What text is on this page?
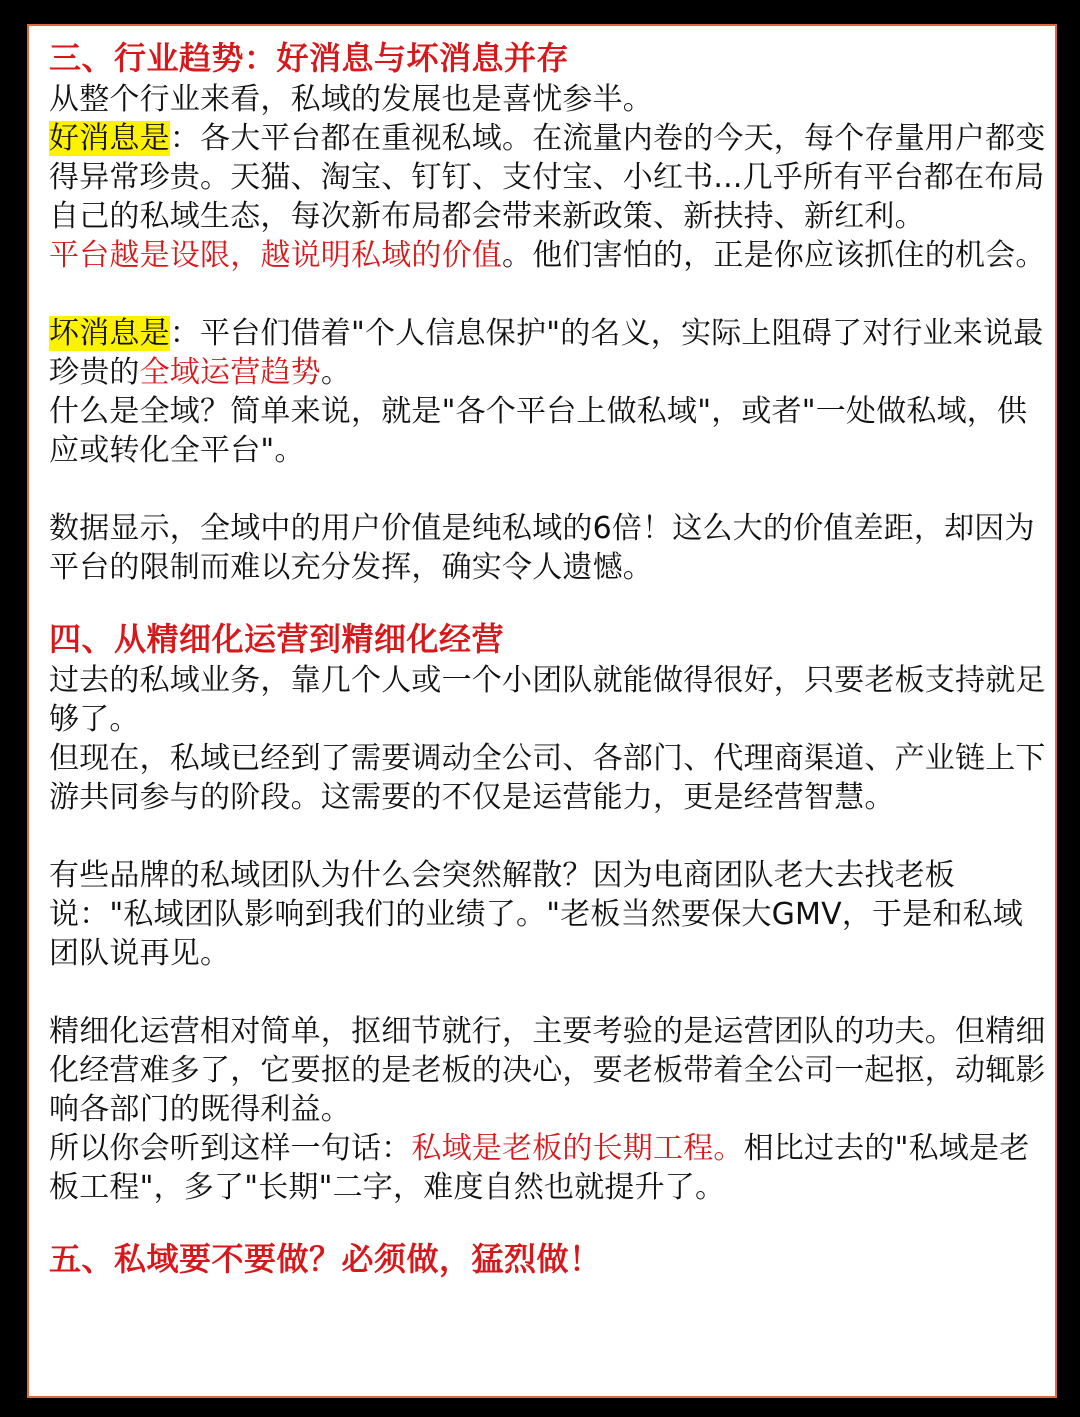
三、行业趋势：好消息与坏消息并存

从整个行业来看，私域的发展也是喜忧参半。

好消息是：各大平台都在重视私域。在流量内卷的今天，每个存量用户都变得异常珍贵。天猫、淘宝、钉钉、支付宝、小红书...几乎所有平台都在布局自己的私域生态，每次新布局都会带来新政策、新扶持、新红利。

平台越是设限，越说明私域的价值。他们害怕的，正是你应该抓住的机会。

坏消息是：平台们借着"个人信息保护"的名义，实际上阻碍了对行业来说最珍贵的全域运营趋势。

什么是全域？简单来说，就是"各个平台上做私域"，或者"一处做私域，供应或转化全平台"。

数据显示，全域中的用户价值是纯私域的6倍！这么大的价值差距，却因为平台的限制而难以充分发挥，确实令人遗憾。

四、从精细化运营到精细化经营

过去的私域业务，靠几个人或一个小团队就能做得很好，只要老板支持就足够了。

但现在，私域已经到了需要调动全公司、各部门、代理商渠道、产业链上下游共同参与的阶段。这需要的不仅是运营能力，更是经营智慧。

有些品牌的私域团队为什么会突然解散？因为电商团队老大去找老板说："私域团队影响到我们的业绩了。"老板当然要保大GMV，于是和私域团队说再见。

精细化运营相对简单，抠细节就行，主要考验的是运营团队的功夫。但精细化经营难多了，它要抠的是老板的决心，要老板带着全公司一起抠，动辄影响各部门的既得利益。

所以你会听到这样一句话：私域是老板的长期工程。相比过去的"私域是老板工程"，多了"长期"二字，难度自然也就提升了。

五、私域要不要做？必须做，猛烈做！
